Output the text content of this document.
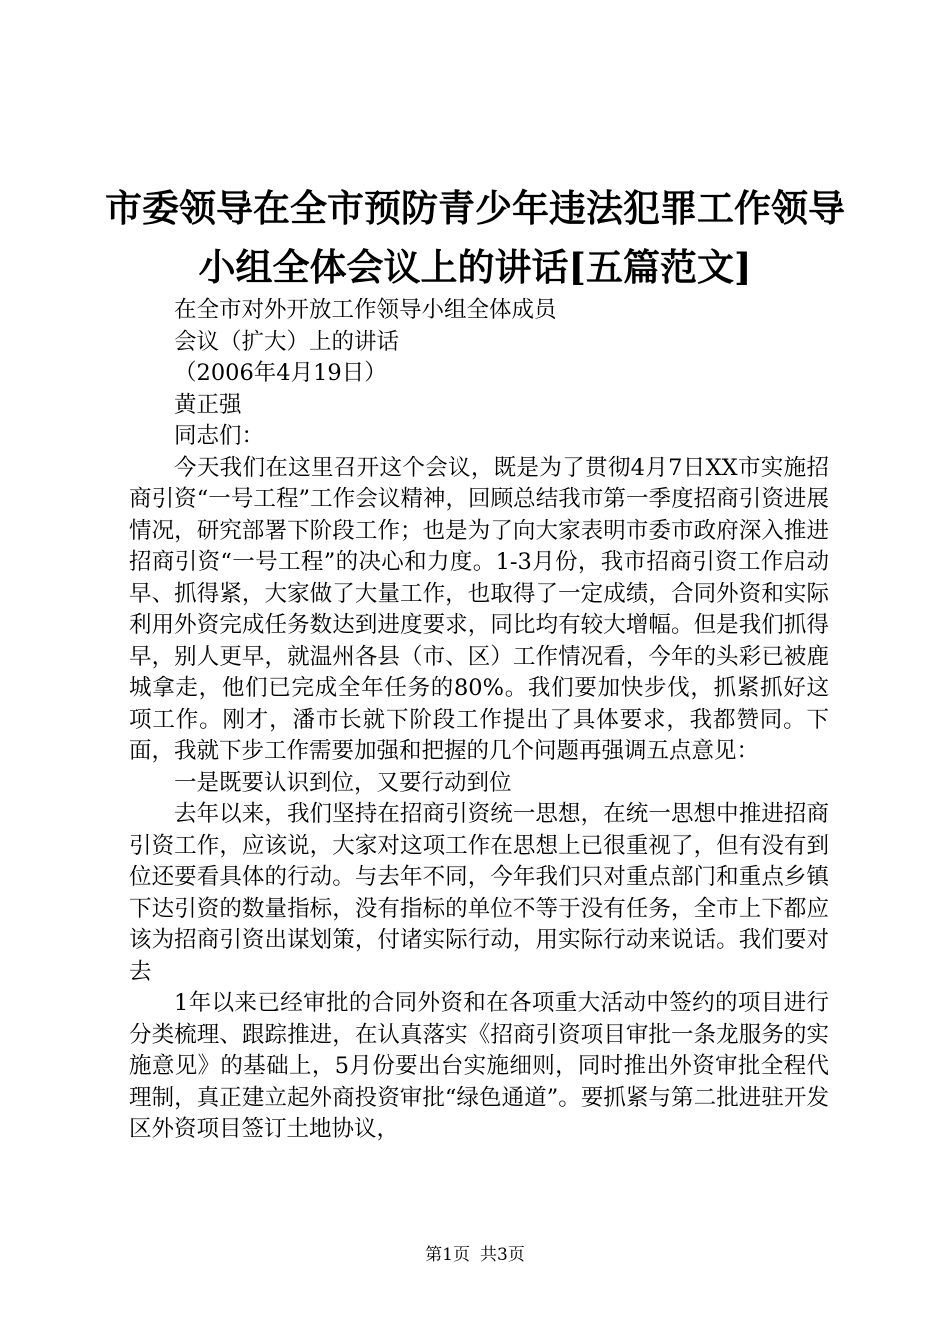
市委领导在全市预防青少年违法犯罪工作领导
小组全体会议上的讲话[五篇范文]

在全市对外开放工作领导小组全体成员

会议（扩大）上的讲话

（2006年4月19日）

黄正强

同志们：

今天我们在这里召开这个会议，既是为了贯彻4月7日XX市实施招商引资“一号工程”工作会议精神，回顾总结我市第一季度招商引资进展情况，研究部署下阶段工作；也是为了向大家表明市委市政府深入推进招商引资“一号工程”的决心和力度。1-3月份，我市招商引资工作启动早、抓得紧，大家做了大量工作，也取得了一定成绩，合同外资和实际利用外资完成任务数达到进度要求，同比均有较大增幅。但是我们抓得早，别人更早，就温州各县（市、区）工作情况看，今年的头彩已被鹿城拿走，他们已完成全年任务的80%。我们要加快步伐，抓紧抓好这项工作。刚才，潘市长就下阶段工作提出了具体要求，我都赞同。下面，我就下步工作需要加强和把握的几个问题再强调五点意见：

一是既要认识到位，又要行动到位

去年以来，我们坚持在招商引资统一思想，在统一思想中推进招商引资工作，应该说，大家对这项工作在思想上已很重视了，但有没有到位还要看具体的行动。与去年不同，今年我们只对重点部门和重点乡镇下达引资的数量指标，没有指标的单位不等于没有任务，全市上下都应该为招商引资出谋划策，付诸实际行动，用实际行动来说话。我们要对去

1年以来已经审批的合同外资和在各项重大活动中签约的项目进行分类梳理、跟踪推进，在认真落实《招商引资项目审批一条龙服务的实施意见》的基础上，5月份要出台实施细则，同时推出外资审批全程代理制，真正建立起外商投资审批“绿色通道”。要抓紧与第二批进驻开发区外资项目签订土地协议，

第1页 共3页
